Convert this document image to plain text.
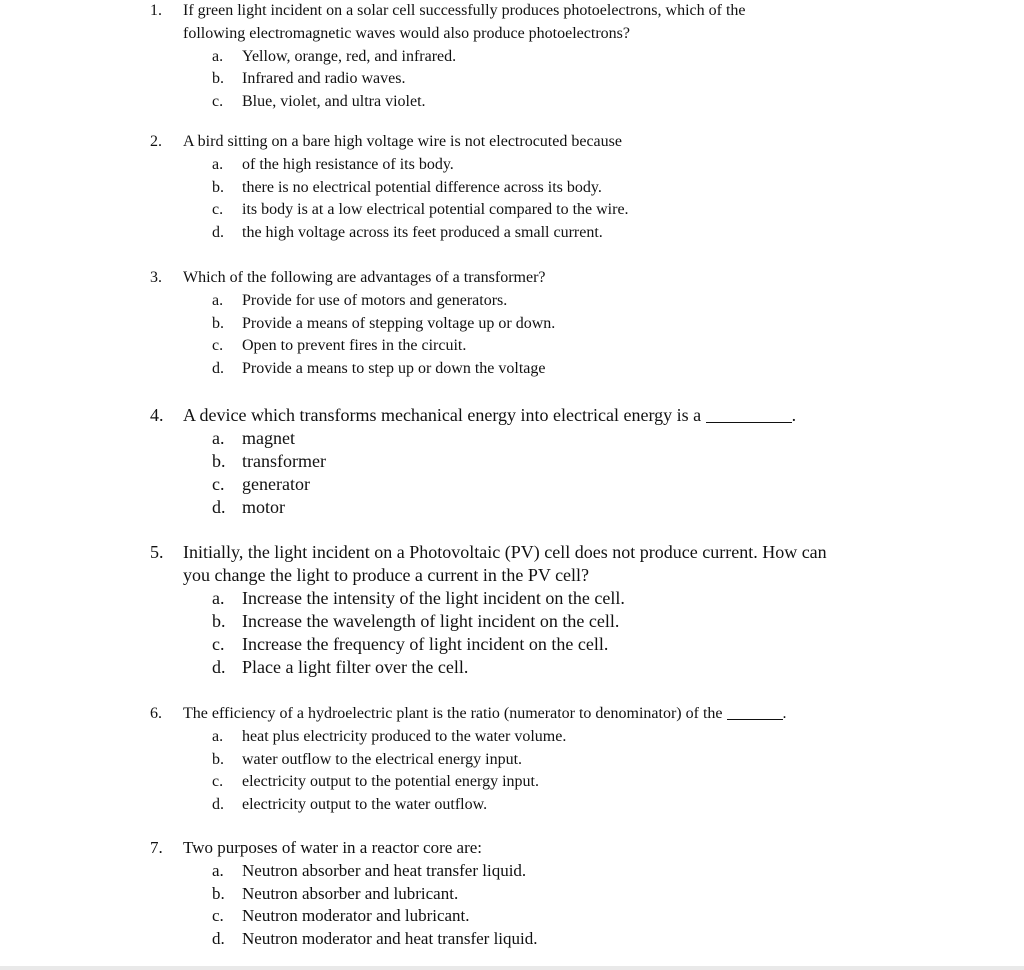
1.	If green light incident on a solar cell successfully produces photoelectrons, which of the
following electromagnetic waves would also produce photoelectrons?
a.	Yellow, orange, red, and infrared.
b.	Infrared and radio waves.
c.	Blue, violet, and ultra violet.
2.	A bird sitting on a bare high voltage wire is not electrocuted because
a.	of the high resistance of its body.
b.	there is no electrical potential difference across its body.
c.	its body is at a low electrical potential compared to the wire.
d.	the high voltage across its feet produced a small current.
3.	Which of the following are advantages of a transformer?
a.	Provide for use of motors and generators.
b.	Provide a means of stepping voltage up or down.
c.	Open to prevent fires in the circuit.
d.	Provide a means to step up or down the voltage
4.	A device which transforms mechanical energy into electrical energy is a	.
a. magnet
b. transformer
c. generator
d. motor
5.	Initially, the light incident on a Photovoltaic (PV) cell does not produce current. How can
you change the light to produce a current in the PV cell?
a. Increase the intensity of the light incident on the cell.
b. Increase the wavelength of light incident on the cell.
c. Increase the frequency of light incident on the cell.
d. Place a light filter over the cell.
6.	The efficiency of a hydroelectric plant is the ratio (numerator to denominator) of the	.
a.	heat plus electricity produced to the water volume.
b.	water outflow to the electrical energy input.
c.	electricity output to the potential energy input.
d.	electricity output to the water outflow.
7.	Two purposes of water in a reactor core are:
a.	Neutron absorber and heat transfer liquid.
b.	Neutron absorber and lubricant.
c.	Neutron moderator and lubricant.
d.	Neutron moderator and heat transfer liquid.
